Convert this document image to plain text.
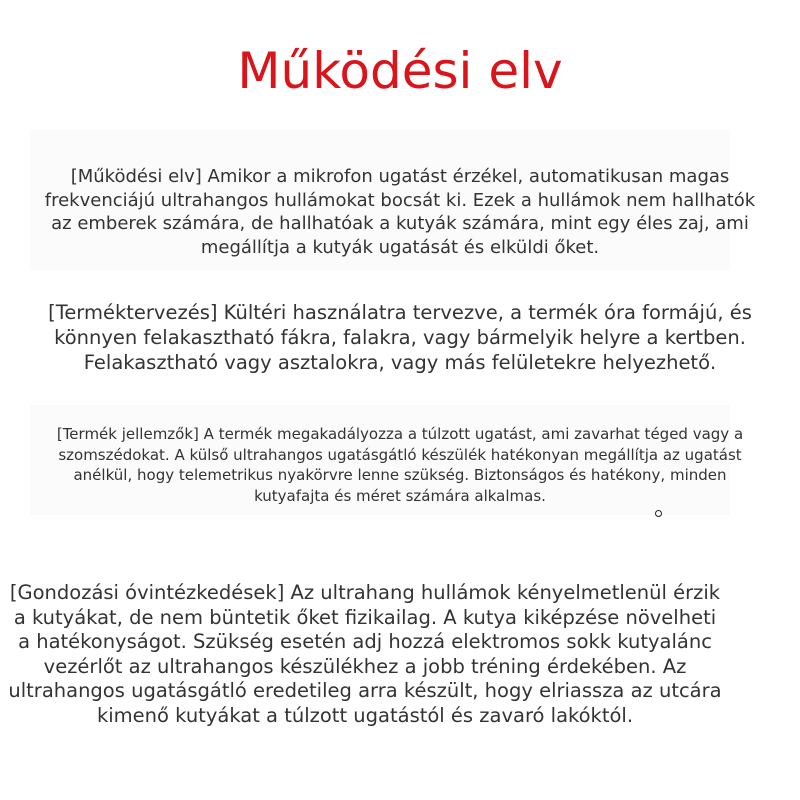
Működési elv
[Működési elv] Amikor a mikrofon ugatást érzékel, automatikusan magas frekvenciájú ultrahangos hullámokat bocsát ki. Ezek a hullámok nem hallhatók az emberek számára, de hallhatóak a kutyák számára, mint egy éles zaj, ami megállítja a kutyák ugatását és elküldi őket.
[Terméktervezés] Kültéri használatra tervezve, a termék óra formájú, és könnyen felakasztható fákra, falakra, vagy bármelyik helyre a kertben. Felakasztható vagy asztalokra, vagy más felületekre helyezhető.
[Termék jellemzők] A termék megakadályozza a túlzott ugatást, ami zavarhat téged vagy a szomszédokat. A külső ultrahangos ugatásgátló készülék hatékonyan megállítja az ugatást anélkül, hogy telemetrikus nyakörvre lenne szükség. Biztonságos és hatékony, minden kutyafajta és méret számára alkalmas.
[Gondozási óvintézkedések] Az ultrahang hullámok kényelmetlenül érzik a kutyákat, de nem büntetik őket fizikailag. A kutya kiképzése növelheti a hatékonyságot. Szükség esetén adj hozzá elektromos sokk kutyalánc vezérlőt az ultrahangos készülékhez a jobb tréning érdekében. Az ultrahangos ugatásgátló eredetileg arra készült, hogy elriassza az utcára kimenő kutyákat a túlzott ugatástól és zavaró lakóktól.
